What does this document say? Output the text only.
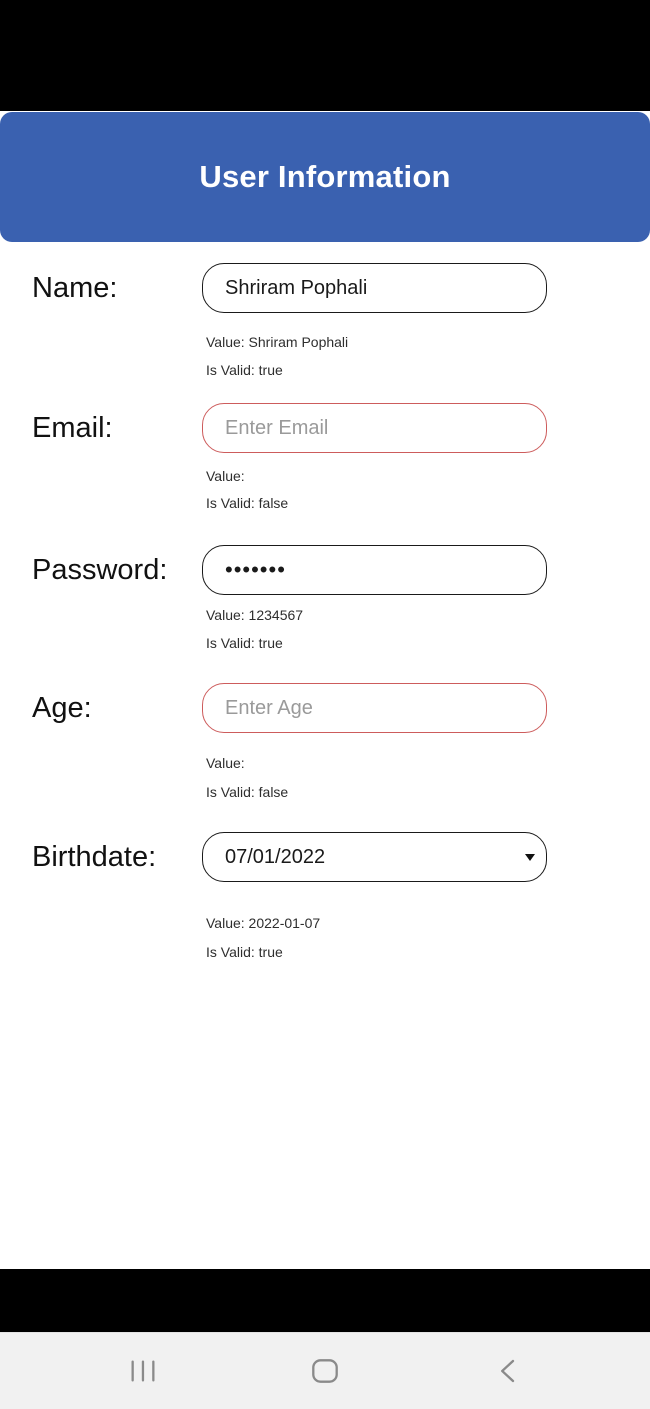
User Information
Name:
Shriram Pophali
Value: Shriram Pophali
Is Valid: true
Email:
Enter Email
Value:
Is Valid: false
Password:
Value: 1234567
Is Valid: true
Age:
Enter Age
Value:
Is Valid: false
Birthdate:	07/01/2022
Value: 2022-01-07
Is Valid: true
